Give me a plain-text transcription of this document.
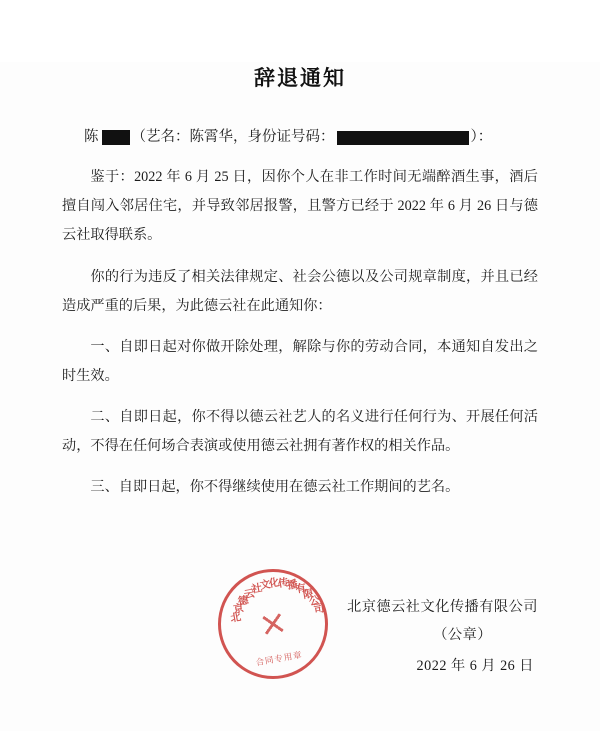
辞退通知
陈 （艺名：陈霄华，身份证号码：	）：

鉴于：2022 年 6 月 25 日，因你个人在非工作时间无端醉酒生事，酒后擅自闯入邻居住宅，并导致邻居报警，且警方已经于 2022 年 6 月 26 日与德云社取得联系。

你的行为违反了相关法律规定、社会公德以及公司规章制度，并且已经造成严重的后果，为此德云社在此通知你：

一、自即日起对你做开除处理，解除与你的劳动合同，本通知自发出之时生效。

二、自即日起，你不得以德云社艺人的名义进行任何行为、开展任何活动，不得在任何场合表演或使用德云社拥有著作权的相关作品。

三、自即日起，你不得继续使用在德云社工作期间的艺名。

北
京
德
云
社
文
化
传
播
有
限
公
司
合同专用章
北京德云社文化传播有限公司
（公章）
2022 年 6 月 26 日
